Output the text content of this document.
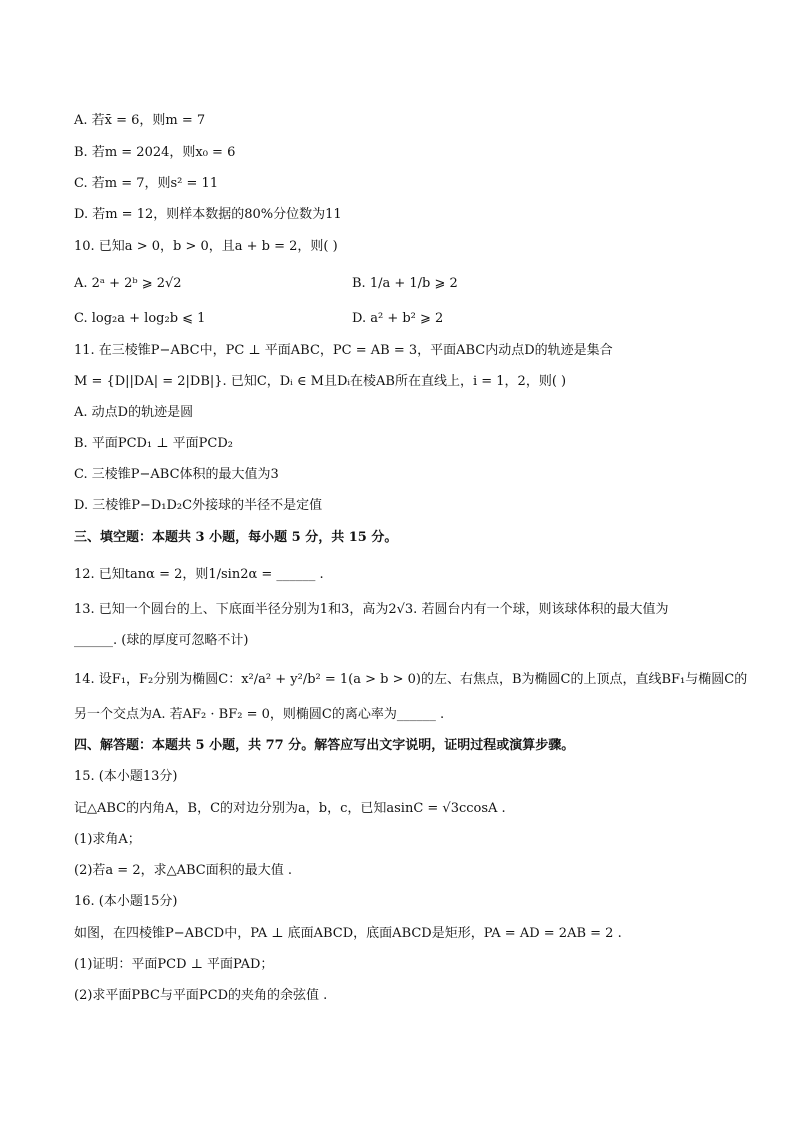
A. 若x̄ = 6，则m = 7
B. 若m = 2024，则x₀ = 6
C. 若m = 7，则s² = 11
D. 若m = 12，则样本数据的80%分位数为11
10. 已知a > 0，b > 0，且a + b = 2，则( )
A. 2ᵃ + 2ᵇ ⩾ 2√2	B. 1/a + 1/b ⩾ 2
C. log₂a + log₂b ⩽ 1	D. a² + b² ⩾ 2
11. 在三棱锥P−ABC中，PC ⊥ 平面ABC，PC = AB = 3，平面ABC内动点D的轨迹是集合
M = {D||DA| = 2|DB|}. 已知C，Dᵢ ∈ M且Dᵢ在棱AB所在直线上，i = 1，2，则( )
A. 动点D的轨迹是圆
B. 平面PCD₁ ⊥ 平面PCD₂
C. 三棱锥P−ABC体积的最大值为3
D. 三棱锥P−D₁D₂C外接球的半径不是定值
三、填空题：本题共 3 小题，每小题 5 分，共 15 分。
12. 已知tanα = 2，则1/sin2α = ______ .
13. 已知一个圆台的上、下底面半径分别为1和3，高为2√3. 若圆台内有一个球，则该球体积的最大值为
______. (球的厚度可忽略不计)
14. 设F₁，F₂分别为椭圆C：x²/a² + y²/b² = 1(a > b > 0)的左、右焦点，B为椭圆C的上顶点，直线BF₁与椭圆C的
另一个交点为A. 若AF₂ · BF₂ = 0，则椭圆C的离心率为______ .
四、解答题：本题共 5 小题，共 77 分。解答应写出文字说明，证明过程或演算步骤。
15. (本小题13分)
记△ABC的内角A，B，C的对边分别为a，b，c，已知asinC = √3ccosA .
(1)求角A；
(2)若a = 2，求△ABC面积的最大值 .
16. (本小题15分)
如图，在四棱锥P−ABCD中，PA ⊥ 底面ABCD，底面ABCD是矩形，PA = AD = 2AB = 2 .
(1)证明：平面PCD ⊥ 平面PAD；
(2)求平面PBC与平面PCD的夹角的余弦值 .
